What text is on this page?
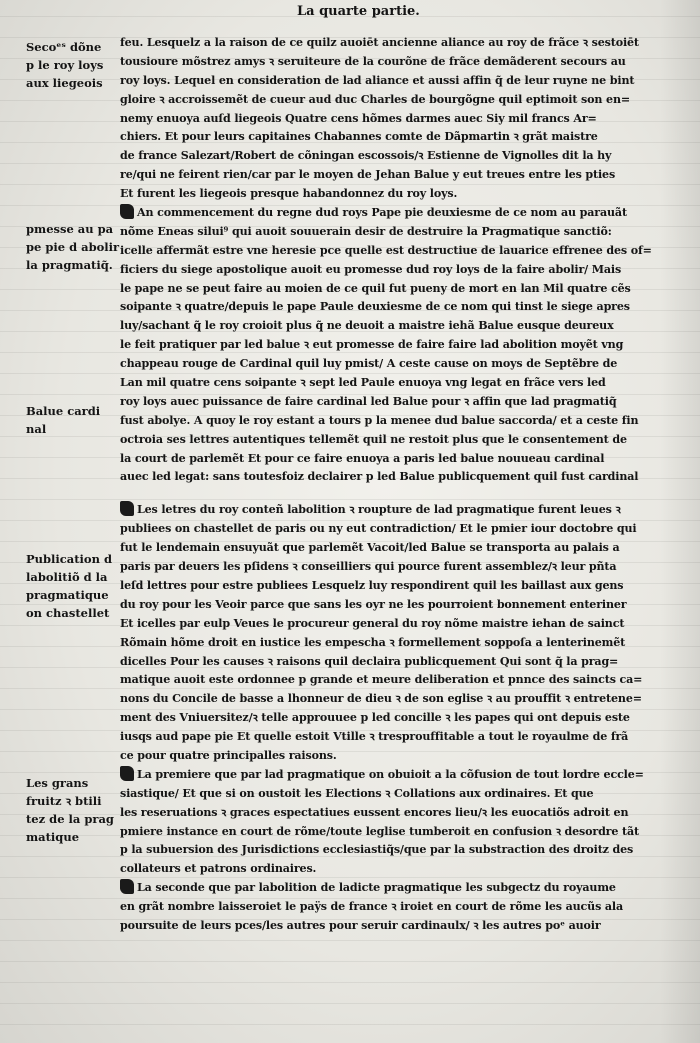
La quarte partie.
Secoᵉˢ dõne
p le roy loys
aux liegeois
pmesse au pa
pe pie d abolir
la pragmatiq̃.
Balue cardi
nal
Publication d
labolitiõ d la
pragmatique
on chastellet
Les grans
fruitz ꝛ btili
tez de la prag
matique
feu. Lesquelz a la raison de ce quilz auoiēt ancienne aliance au roy de frãce ꝛ sestoiēt
tousioure mõstrez amys ꝛ seruiteure de la courõne de frãce demãderent secours au
roy loys. Lequel en consideration de lad aliance et aussi affin q̃ de leur ruyne ne bint
gloire ꝛ accroissemẽt de cueur aud duc Charles de bourgõgne quil eptimoit son en=
nemy enuoya auſd liegeois Quatre cens hõmes darmes auec Siy mil francs Ar=
chiers. Et pour leurs capitaines Chabannes comte de Dãpmartin ꝛ grãt maistre
de france Salezart/Robert de cõningan escossois/ꝛ Estienne de Vignolles dit la hy
re/qui ne feirent rien/car par le moyen de Jehan Balue y eut treues entre les pties
Et furent les liegeois presque habandonnez du roy loys.
An commencement du regne dud roys Pape pie deuxiesme de ce nom au parauãt
nõme Eneas silui⁹ qui auoit souuerain desir de destruire la Pragmatique sanctiõ:
icelle affermãt estre vne heresie pce quelle est destructiue de lauarice effrenee des of=
ficiers du siege apostolique auoit eu promesse dud roy loys de la faire abolir/ Mais
le pape ne se peut faire au moien de ce quil fut pueny de mort en lan Mil quatre cẽs
soipante ꝛ quatre/depuis le pape Paule deuxiesme de ce nom qui tinst le siege apres
luy/sachant q̃ le roy croioit plus q̃ ne deuoit a maistre iehã Balue eusque deureux
le feit pratiquer par led balue ꝛ eut promesse de faire faire lad abolition moyẽt vng
chappeau rouge de Cardinal quil luy pmist/ A ceste cause on moys de Septẽbre de
Lan mil quatre cens soipante ꝛ sept led Paule enuoya vng legat en frãce vers led
roy loys auec puissance de faire cardinal led Balue pour ꝛ affin que lad pragmatiq̃
fust abolye. A quoy le roy estant a tours p la menee dud balue saccorda/ et a ceste fin
octroia ses lettres autentiques tellemẽt quil ne restoit plus que le consentement de
la court de parlemẽt Et pour ce faire enuoya a paris led balue nouueau cardinal
auec led legat: sans toutesfoiz declairer p led Balue publicquement quil fust cardinal
Les letres du roy conteñ labolition ꝛ roupture de lad pragmatique furent leues ꝛ
publiees on chastellet de paris ou ny eut contradiction/ Et le pmier iour doctobre qui
fut le lendemain ensuyuãt que parlemẽt Vacoit/led Balue se transporta au palais a
paris par deuers les pſidens ꝛ conseilliers qui pource furent assemblez/ꝛ leur pñta
leſd lettres pour estre publiees Lesquelz luy respondirent quil les baillast aux gens
du roy pour les Veoir parce que sans les oyr ne les pourroient bonnement enteriner
Et icelles par eulp Veues le procureur general du roy nõme maistre iehan de sainct
Rõmain hõme droit en iustice les empescha ꝛ formellement soppoſa a lenterinemẽt
dicelles Pour les causes ꝛ raisons quil declaira publicquement Qui sont q̃ la prag=
matique auoit este ordonnee p grande et meure deliberation et pnnce des saincts ca=
nons du Concile de basse a lhonneur de dieu ꝛ de son eglise ꝛ au prouffit ꝛ entretene=
ment des Vniuersitez/ꝛ telle approuuee p led concille ꝛ les papes qui ont depuis este
iusqs aud pape pie Et quelle estoit Vtille ꝛ tresprouffitable a tout le royaulme de frã
ce pour quatre principalles raisons.
La premiere que par lad pragmatique on obuioit a la cõfusion de tout lordre eccle=
siastique/ Et que si on oustoit les Elections ꝛ Collations aux ordinaires. Et que
les reseruations ꝛ graces espectatiues eussent encores lieu/ꝛ les euocatiõs adroit en
pmiere instance en court de rõme/toute leglise tumberoit en confusion ꝛ desordre tãt
p la subuersion des Jurisdictions ecclesiastiq̃s/que par la substraction des droitz des
collateurs et patrons ordinaires.
La seconde que par labolition de ladicte pragmatique les subgectz du royaume
en grãt nombre laisseroiet le paÿs de france ꝛ iroiet en court de rõme les aucũs ala
poursuite de leurs pces/les autres pour seruir cardinaulx/ ꝛ les autres poᵉ auoir
